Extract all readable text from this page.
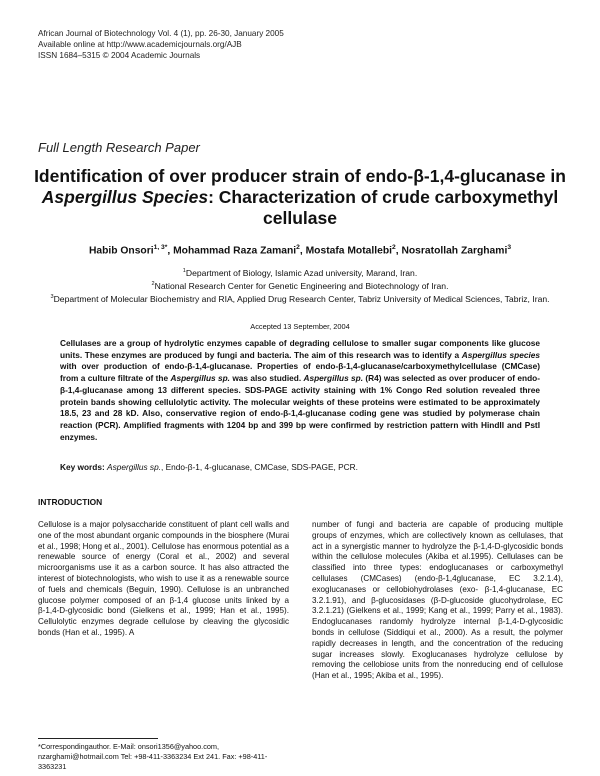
African Journal of Biotechnology Vol. 4 (1), pp. 26-30, January 2005
Available online at http://www.academicjournals.org/AJB
ISSN 1684–5315 © 2004 Academic Journals
Full Length Research Paper
Identification of over producer strain of endo-β-1,4-glucanase in Aspergillus Species: Characterization of crude carboxymethyl cellulase
Habib Onsori$^{1, 3*}$, Mohammad Raza Zamani$^2$, Mostafa Motallebi$^2$, Nosratollah Zarghami$^3$
$^1$Department of Biology, Islamic Azad university, Marand, Iran.
$^2$National Research Center for Genetic Engineering and Biotechnology of Iran.
$^3$Department of Molecular Biochemistry and RIA, Applied Drug Research Center, Tabriz University of Medical Sciences, Tabriz, Iran.
Accepted 13 September, 2004
Cellulases are a group of hydrolytic enzymes capable of degrading cellulose to smaller sugar components like glucose units. These enzymes are produced by fungi and bacteria. The aim of this research was to identify a Aspergillus species with over production of endo-β-1,4-glucanase. Properties of endo-β-1,4-glucanase/carboxymethylcellulase (CMCase) from a culture filtrate of the Aspergillus sp. was also studied. Aspergillus sp. (R4) was selected as over producer of endo-β-1,4-glucanase among 13 different species. SDS-PAGE activity staining with 1% Congo Red solution revealed three protein bands showing cellulolytic activity. The molecular weights of these proteins were estimated to be approximately 18.5, 23 and 28 kD. Also, conservative region of endo-β-1,4-glucanase coding gene was studied by polymerase chain reaction (PCR). Amplified fragments with 1204 bp and 399 bp were confirmed by restriction pattern with HindII and PstI enzymes.
Key words: Aspergillus sp., Endo-β-1, 4-glucanase, CMCase, SDS-PAGE, PCR.
INTRODUCTION
Cellulose is a major polysaccharide constituent of plant cell walls and one of the most abundant organic compounds in the biosphere (Murai et al., 1998; Hong et al., 2001). Cellulose has enormous potential as a renewable source of energy (Coral et al., 2002) and several microorganisms use it as a carbon source. It has also attracted the interest of biotechnologists, who wish to use it as a renewable source of fuels and chemicals (Beguin, 1990). Cellulose is an unbranched glucose polymer composed of an β-1,4 glucose units linked by a β-1,4-D-glycosidic bond (Gielkens et al., 1999; Han et al., 1995). Cellulolytic enzymes degrade cellulose by cleaving the glycosidic bonds (Han et al., 1995). A
number of fungi and bacteria are capable of producing multiple groups of enzymes, which are collectively known as cellulases, that act in a synergistic manner to hydrolyze the β-1,4-D-glycosidic bonds within the cellulose molecules (Akiba et al.1995). Cellulases can be classified into three types: endoglucanases or carboxymethyl cellulases (CMCases) (endo-β-1,4glucanase, EC 3.2.1.4), exoglucanases or cellobiohydrolases (exo- β-1,4-glucanase, EC 3.2.1.91), and β-glucosidases (β-D-glucoside glucohydrolase, EC 3.2.1.21) (Gielkens et al., 1999; Kang et al., 1999; Parry et al., 1983). Endoglucanases randomly hydrolyze internal β-1,4-D-glycosidic bonds in cellulose (Siddiqui et al., 2000). As a result, the polymer rapidly decreases in length, and the concentration of the reducing sugar increases slowly. Exoglucanases hydrolyze cellulose by removing the cellobiose units from the nonreducing end of cellulose (Han et al., 1995; Akiba et al., 1995).
*Correspondingauthor. E-Mail: onsori1356@yahoo.com, nzarghami@hotmail.com Tel: +98-411-3363234 Ext 241. Fax: +98-411-3363231
